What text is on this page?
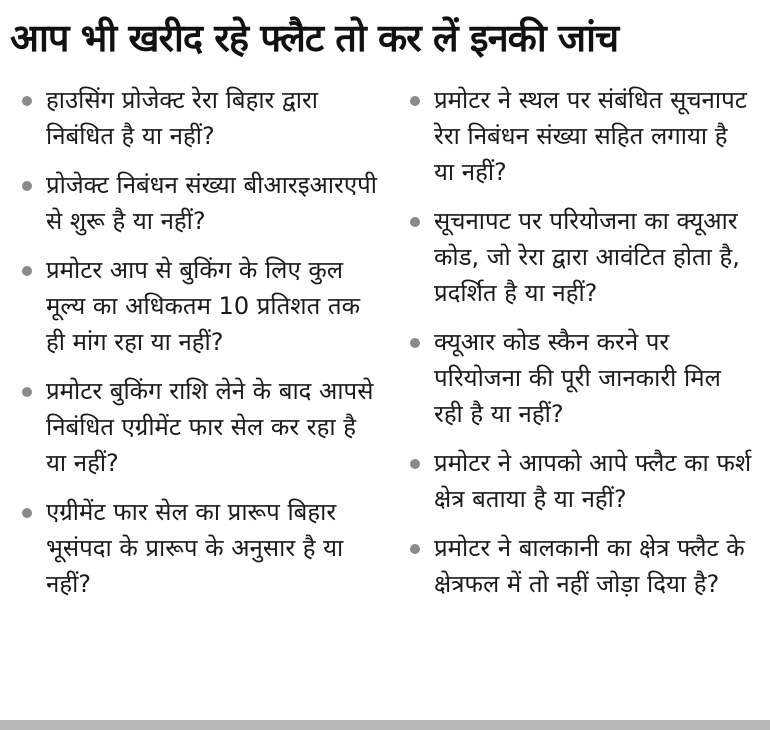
आप भी खरीद रहे फ्लैट तो कर लें इनकी जांच
हाउसिंग प्रोजेक्ट रेरा बिहार द्वारा निबंधित है या नहीं?
प्रोजेक्ट निबंधन संख्या बीआरइआरएपी से शुरू है या नहीं?
प्रमोटर आप से बुकिंग के लिए कुल मूल्य का अधिकतम 10 प्रतिशत तक ही मांग रहा या नहीं?
प्रमोटर बुकिंग राशि लेने के बाद आपसे निबंधित एग्रीमेंट फार सेल कर रहा है या नहीं?
एग्रीमेंट फार सेल का प्रारूप बिहार भूसंपदा के प्रारूप के अनुसार है या नहीं?
प्रमोटर ने स्थल पर संबंधित सूचनापट रेरा निबंधन संख्या सहित लगाया है या नहीं?
सूचनापट पर परियोजना का क्यूआर कोड, जो रेरा द्वारा आवंटित होता है, प्रदर्शित है या नहीं?
क्यूआर कोड स्कैन करने पर परियोजना की पूरी जानकारी मिल रही है या नहीं?
प्रमोटर ने आपको आपे फ्लैट का फर्श क्षेत्र बताया है या नहीं?
प्रमोटर ने बालकानी का क्षेत्र फ्लैट के क्षेत्रफल में तो नहीं जोड़ा दिया है?
